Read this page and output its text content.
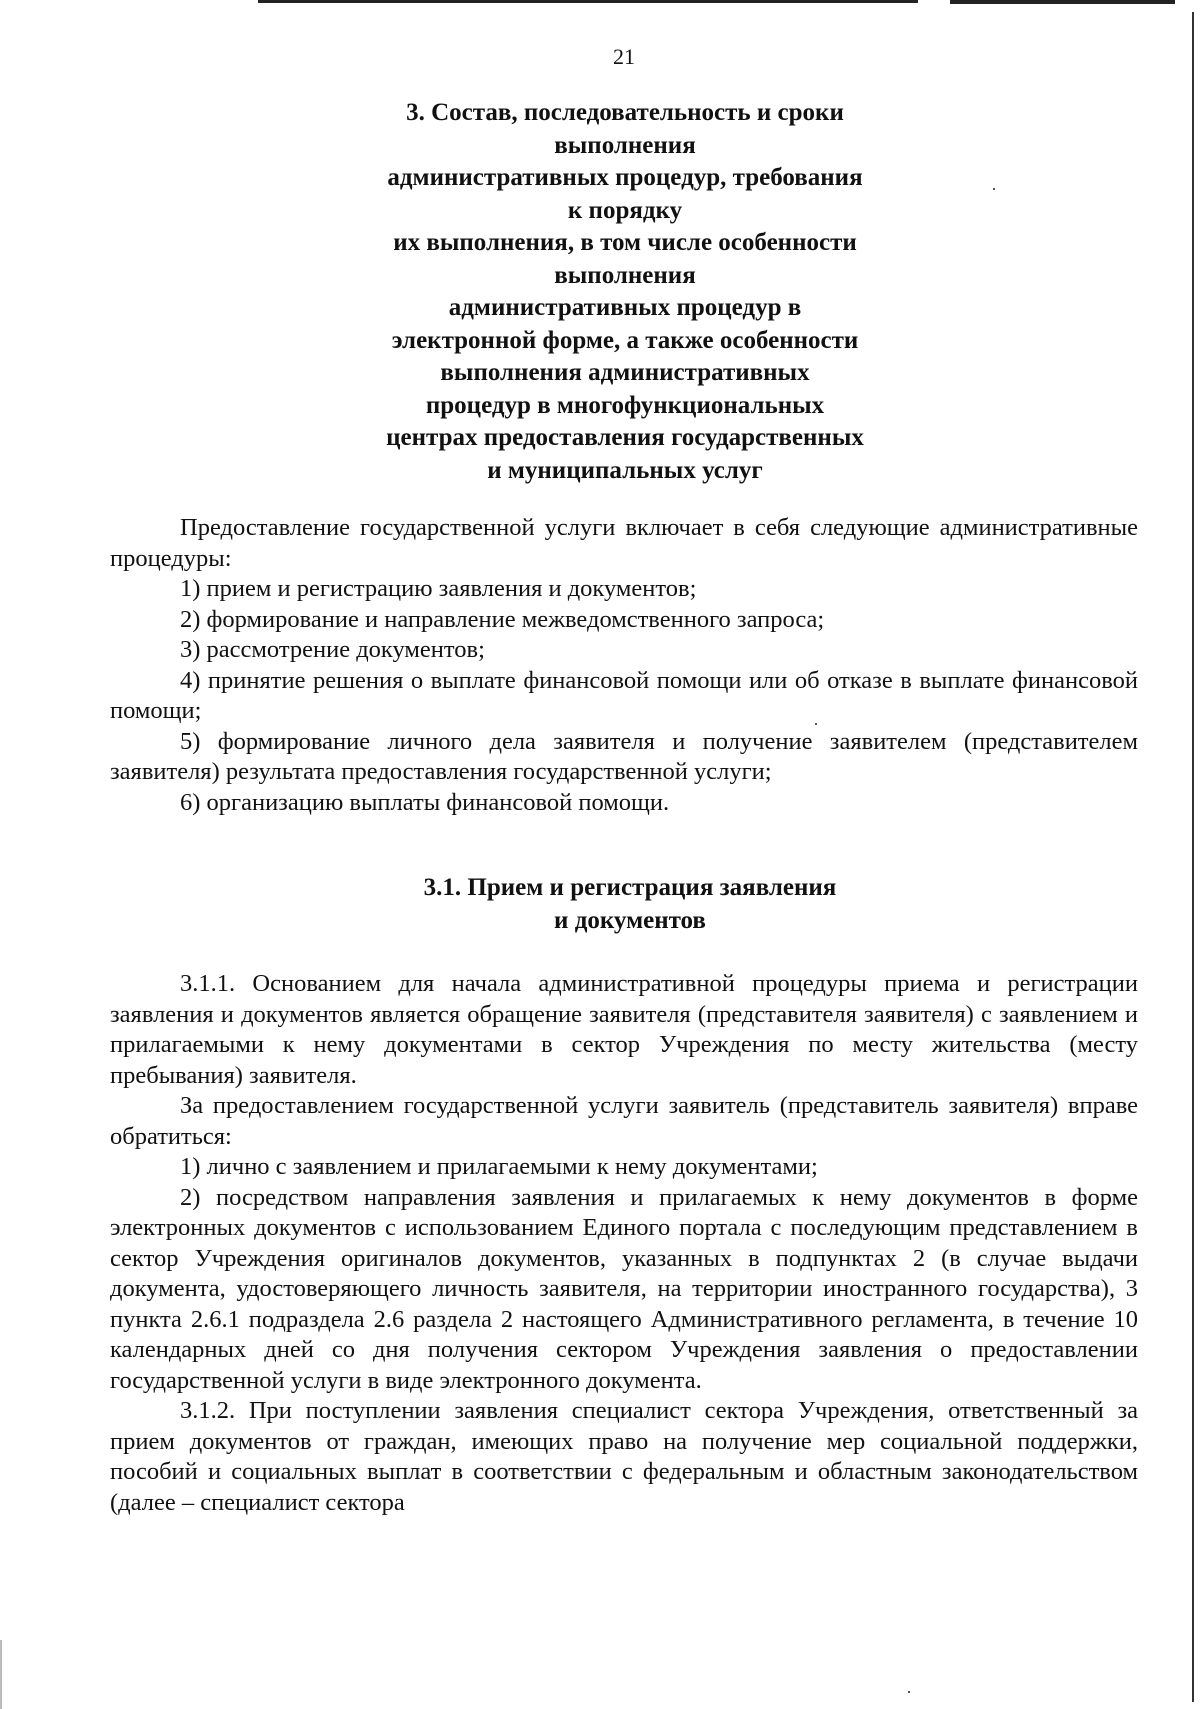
21
3. Состав, последовательность и сроки
выполнения
административных процедур, требования
к порядку
их выполнения, в том числе особенности
выполнения
административных процедур в
электронной форме, а также особенности
выполнения административных
процедур в многофункциональных
центрах предоставления государственных
и муниципальных услуг

Предоставление государственной услуги включает в себя следующие административные процедуры:

1) прием и регистрацию заявления и документов;

2) формирование и направление межведомственного запроса;

3) рассмотрение документов;

4) принятие решения о выплате финансовой помощи или об отказе в выплате финансовой помощи;

5) формирование личного дела заявителя и получение заявителем (представителем заявителя) результата предоставления государственной услуги;

6) организацию выплаты финансовой помощи.

3.1. Прием и регистрация заявления
и документов

3.1.1. Основанием для начала административной процедуры приема и регистрации заявления и документов является обращение заявителя (представителя заявителя) с заявлением и прилагаемыми к нему документами в сектор Учреждения по месту жительства (месту пребывания) заявителя.

За предоставлением государственной услуги заявитель (представитель заявителя) вправе обратиться:

1) лично с заявлением и прилагаемыми к нему документами;

2) посредством направления заявления и прилагаемых к нему документов в форме электронных документов с использованием Единого портала с последующим представлением в сектор Учреждения оригиналов документов, указанных в подпунктах 2 (в случае выдачи документа, удостоверяющего личность заявителя, на территории иностранного государства), 3 пункта 2.6.1 подраздела 2.6 раздела 2 настоящего Административного регламента, в течение 10 календарных дней со дня получения сектором Учреждения заявления о предоставлении государственной услуги в виде электронного документа.

3.1.2. При поступлении заявления специалист сектора Учреждения, ответственный за прием документов от граждан, имеющих право на получение мер социальной поддержки, пособий и социальных выплат в соответствии с федеральным и областным законодательством (далее – специалист сектора
